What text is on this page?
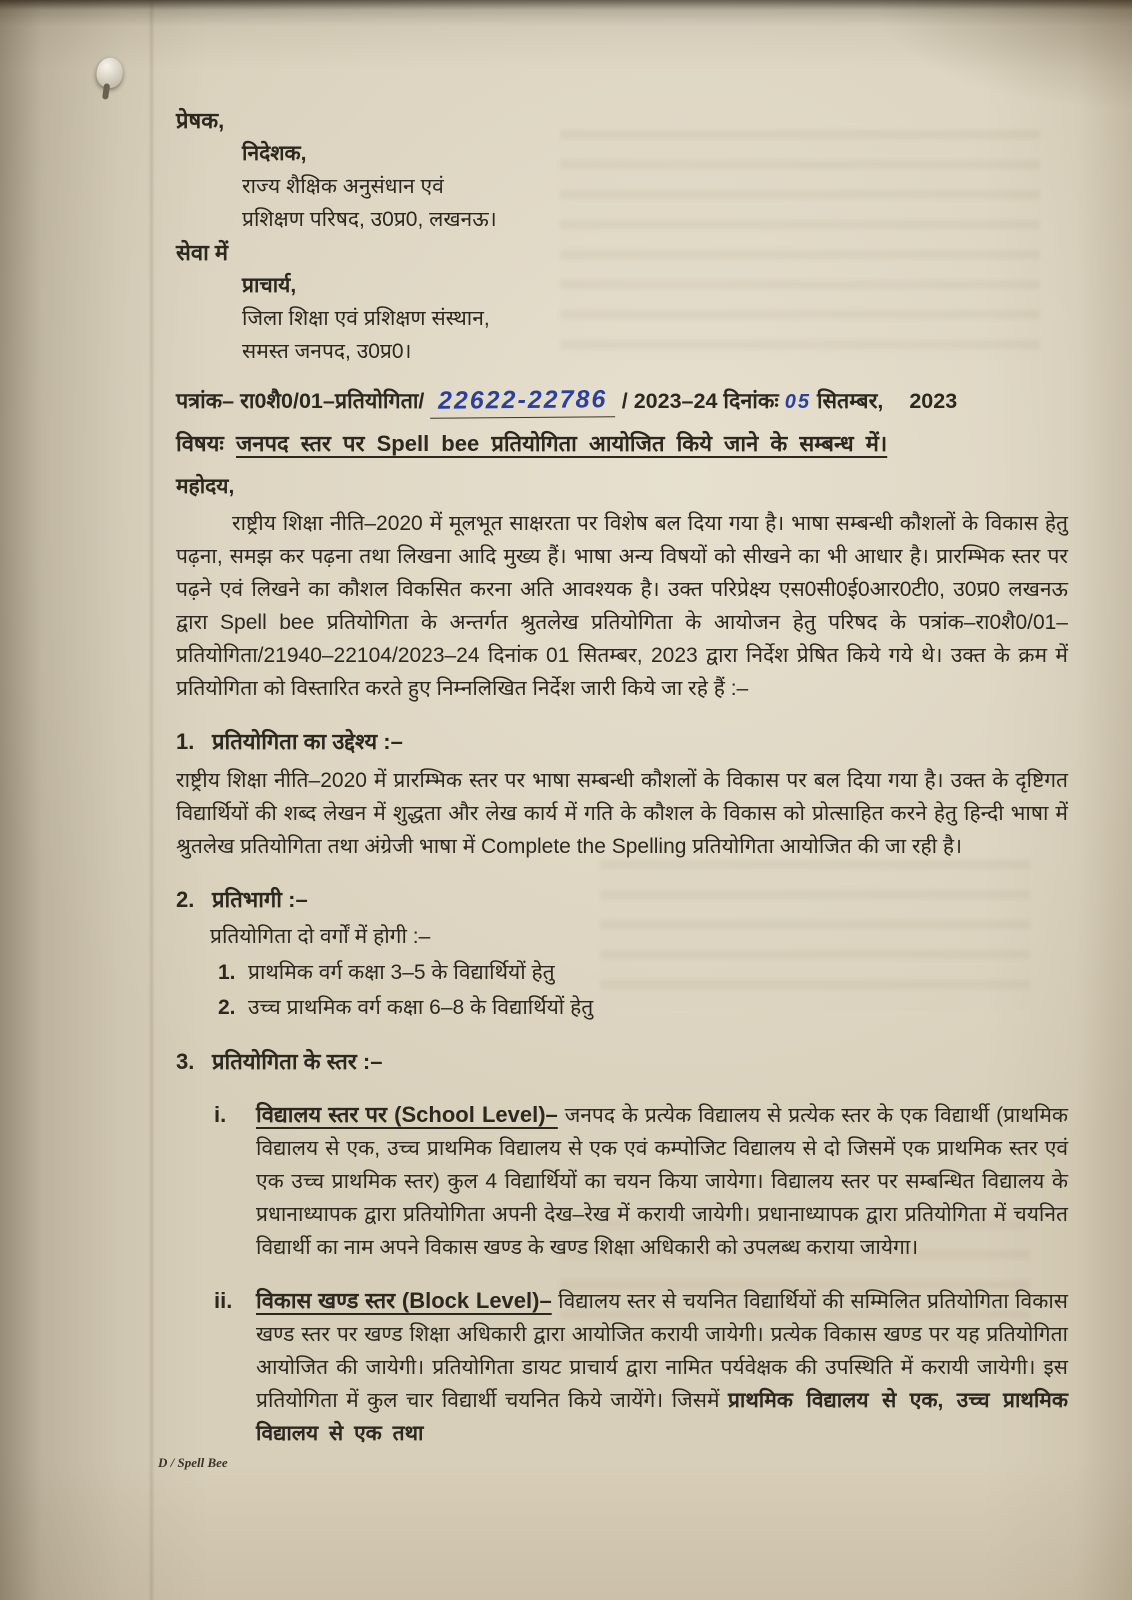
प्रेषक,
निदेशक,
राज्य शैक्षिक अनुसंधान एवं
प्रशिक्षण परिषद, उ0प्र0, लखनऊ।
सेवा में
प्राचार्य,
जिला शिक्षा एवं प्रशिक्षण संस्थान,
समस्त जनपद, उ0प्र0।
पत्रांक– रा0शै0/01–प्रतियोगिता/ 22622-22786 / 2023–24 दिनांकः 05 सितम्बर, 2023
विषयः जनपद स्तर पर Spell bee प्रतियोगिता आयोजित किये जाने के सम्बन्ध में।
महोदय,

राष्ट्रीय शिक्षा नीति–2020 में मूलभूत साक्षरता पर विशेष बल दिया गया है। भाषा सम्बन्धी कौशलों के विकास हेतु पढ़ना, समझ कर पढ़ना तथा लिखना आदि मुख्य हैं। भाषा अन्य विषयों को सीखने का भी आधार है। प्रारम्भिक स्तर पर पढ़ने एवं लिखने का कौशल विकसित करना अति आवश्यक है। उक्त परिप्रेक्ष्य एस0सी0ई0आर0टी0, उ0प्र0 लखनऊ द्वारा Spell bee प्रतियोगिता के अन्तर्गत श्रुतलेख प्रतियोगिता के आयोजन हेतु परिषद के पत्रांक–रा0शै0/01–प्रतियोगिता/21940–22104/2023–24 दिनांक 01 सितम्बर, 2023 द्वारा निर्देश प्रेषित किये गये थे। उक्त के क्रम में प्रतियोगिता को विस्तारित करते हुए निम्नलिखित निर्देश जारी किये जा रहे हैं :–

1. प्रतियोगिता का उद्देश्य :–

राष्ट्रीय शिक्षा नीति–2020 में प्रारम्भिक स्तर पर भाषा सम्बन्धी कौशलों के विकास पर बल दिया गया है। उक्त के दृष्टिगत विद्यार्थियों की शब्द लेखन में शुद्धता और लेख कार्य में गति के कौशल के विकास को प्रोत्साहित करने हेतु हिन्दी भाषा में श्रुतलेख प्रतियोगिता तथा अंग्रेजी भाषा में Complete the Spelling प्रतियोगिता आयोजित की जा रही है।

2. प्रतिभागी :–
प्रतियोगिता दो वर्गों में होगी :–
1. प्राथमिक वर्ग कक्षा 3–5 के विद्यार्थियों हेतु
2. उच्च प्राथमिक वर्ग कक्षा 6–8 के विद्यार्थियों हेतु
3. प्रतियोगिता के स्तर :–
i.	विद्यालय स्तर पर (School Level)– जनपद के प्रत्येक विद्यालय से प्रत्येक स्तर के एक विद्यार्थी (प्राथमिक विद्यालय से एक, उच्च प्राथमिक विद्यालय से एक एवं कम्पोजिट विद्यालय से दो जिसमें एक प्राथमिक स्तर एवं एक उच्च प्राथमिक स्तर) कुल 4 विद्यार्थियों का चयन किया जायेगा। विद्यालय स्तर पर सम्बन्धित विद्यालय के प्रधानाध्यापक द्वारा प्रतियोगिता अपनी देख–रेख में करायी जायेगी। प्रधानाध्यापक द्वारा प्रतियोगिता में चयनित विद्यार्थी का नाम अपने विकास खण्ड के खण्ड शिक्षा अधिकारी को उपलब्ध कराया जायेगा।

ii.	विकास खण्ड स्तर (Block Level)– विद्यालय स्तर से चयनित विद्यार्थियों की सम्मिलित प्रतियोगिता विकास खण्ड स्तर पर खण्ड शिक्षा अधिकारी द्वारा आयोजित करायी जायेगी। प्रत्येक विकास खण्ड पर यह प्रतियोगिता आयोजित की जायेगी। प्रतियोगिता डायट प्राचार्य द्वारा नामित पर्यवेक्षक की उपस्थिति में करायी जायेगी। इस प्रतियोगिता में कुल चार विद्यार्थी चयनित किये जायेंगे। जिसमें प्राथमिक विद्यालय से एक, उच्च प्राथमिक विद्यालय से एक तथा

D / Spell Bee
